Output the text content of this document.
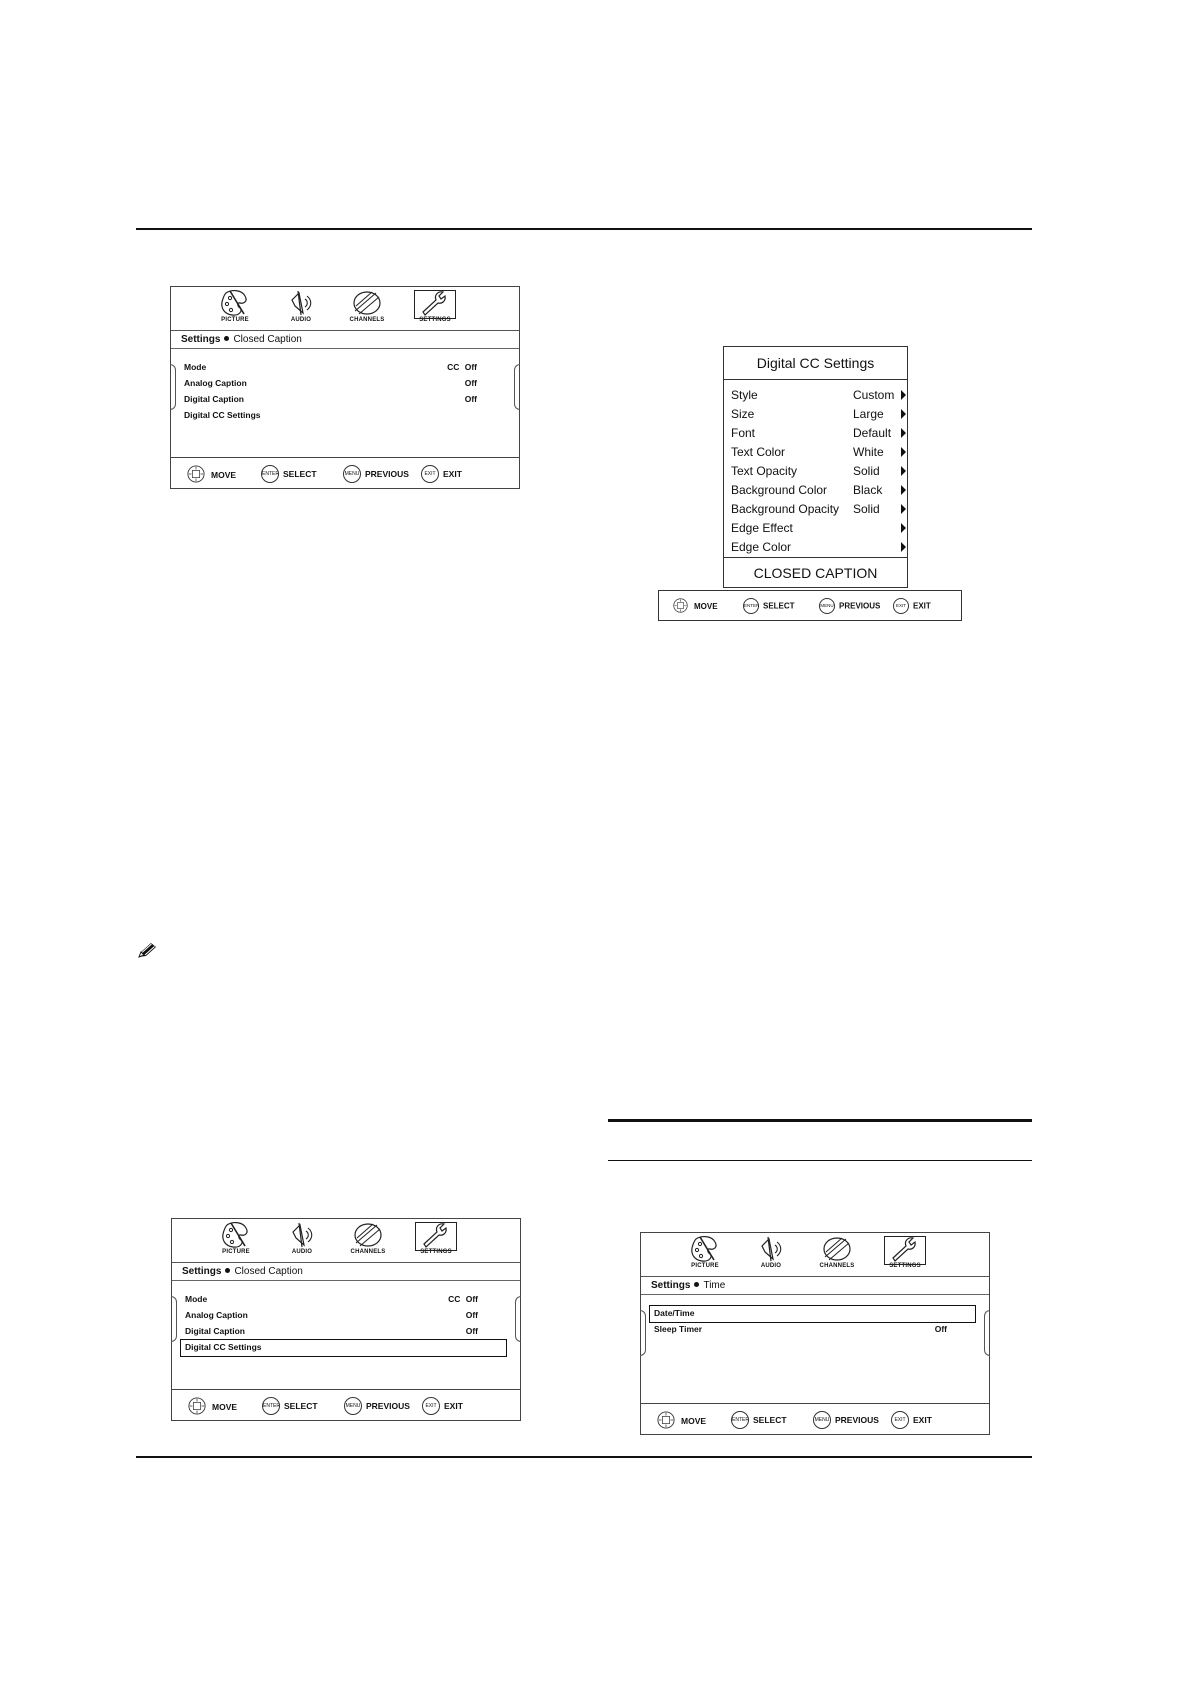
PICTURE	AUDIO	CHANNELS	SETTINGS
Settings Closed Caption
Mode	CC Off
Analog Caption	Off
Digital Caption	Off
Digital CC Settings
MOVE	ENTER SELECT	MENU PREVIOUS	EXIT EXIT
PICTURE	AUDIO	CHANNELS	SETTINGS
Settings Closed Caption
Mode	CC Off
Analog Caption	Off
Digital Caption	Off
Digital CC Settings
MOVE	ENTER SELECT	MENU PREVIOUS	EXIT EXIT
PICTURE	AUDIO	CHANNELS	SETTINGS
Settings Time
Date/Time
Sleep Timer	Off
MOVE	ENTER SELECT	MENU PREVIOUS	EXIT EXIT
Digital CC Settings
Style	Custom
Size	Large
Font	Default
Text Color	White
Text Opacity	Solid
Background Color Black
Background Opacity Solid
Edge Effect
Edge Color
CLOSED CAPTION
MOVE	ENTER SELECT	MENU PREVIOUS	EXIT EXIT
